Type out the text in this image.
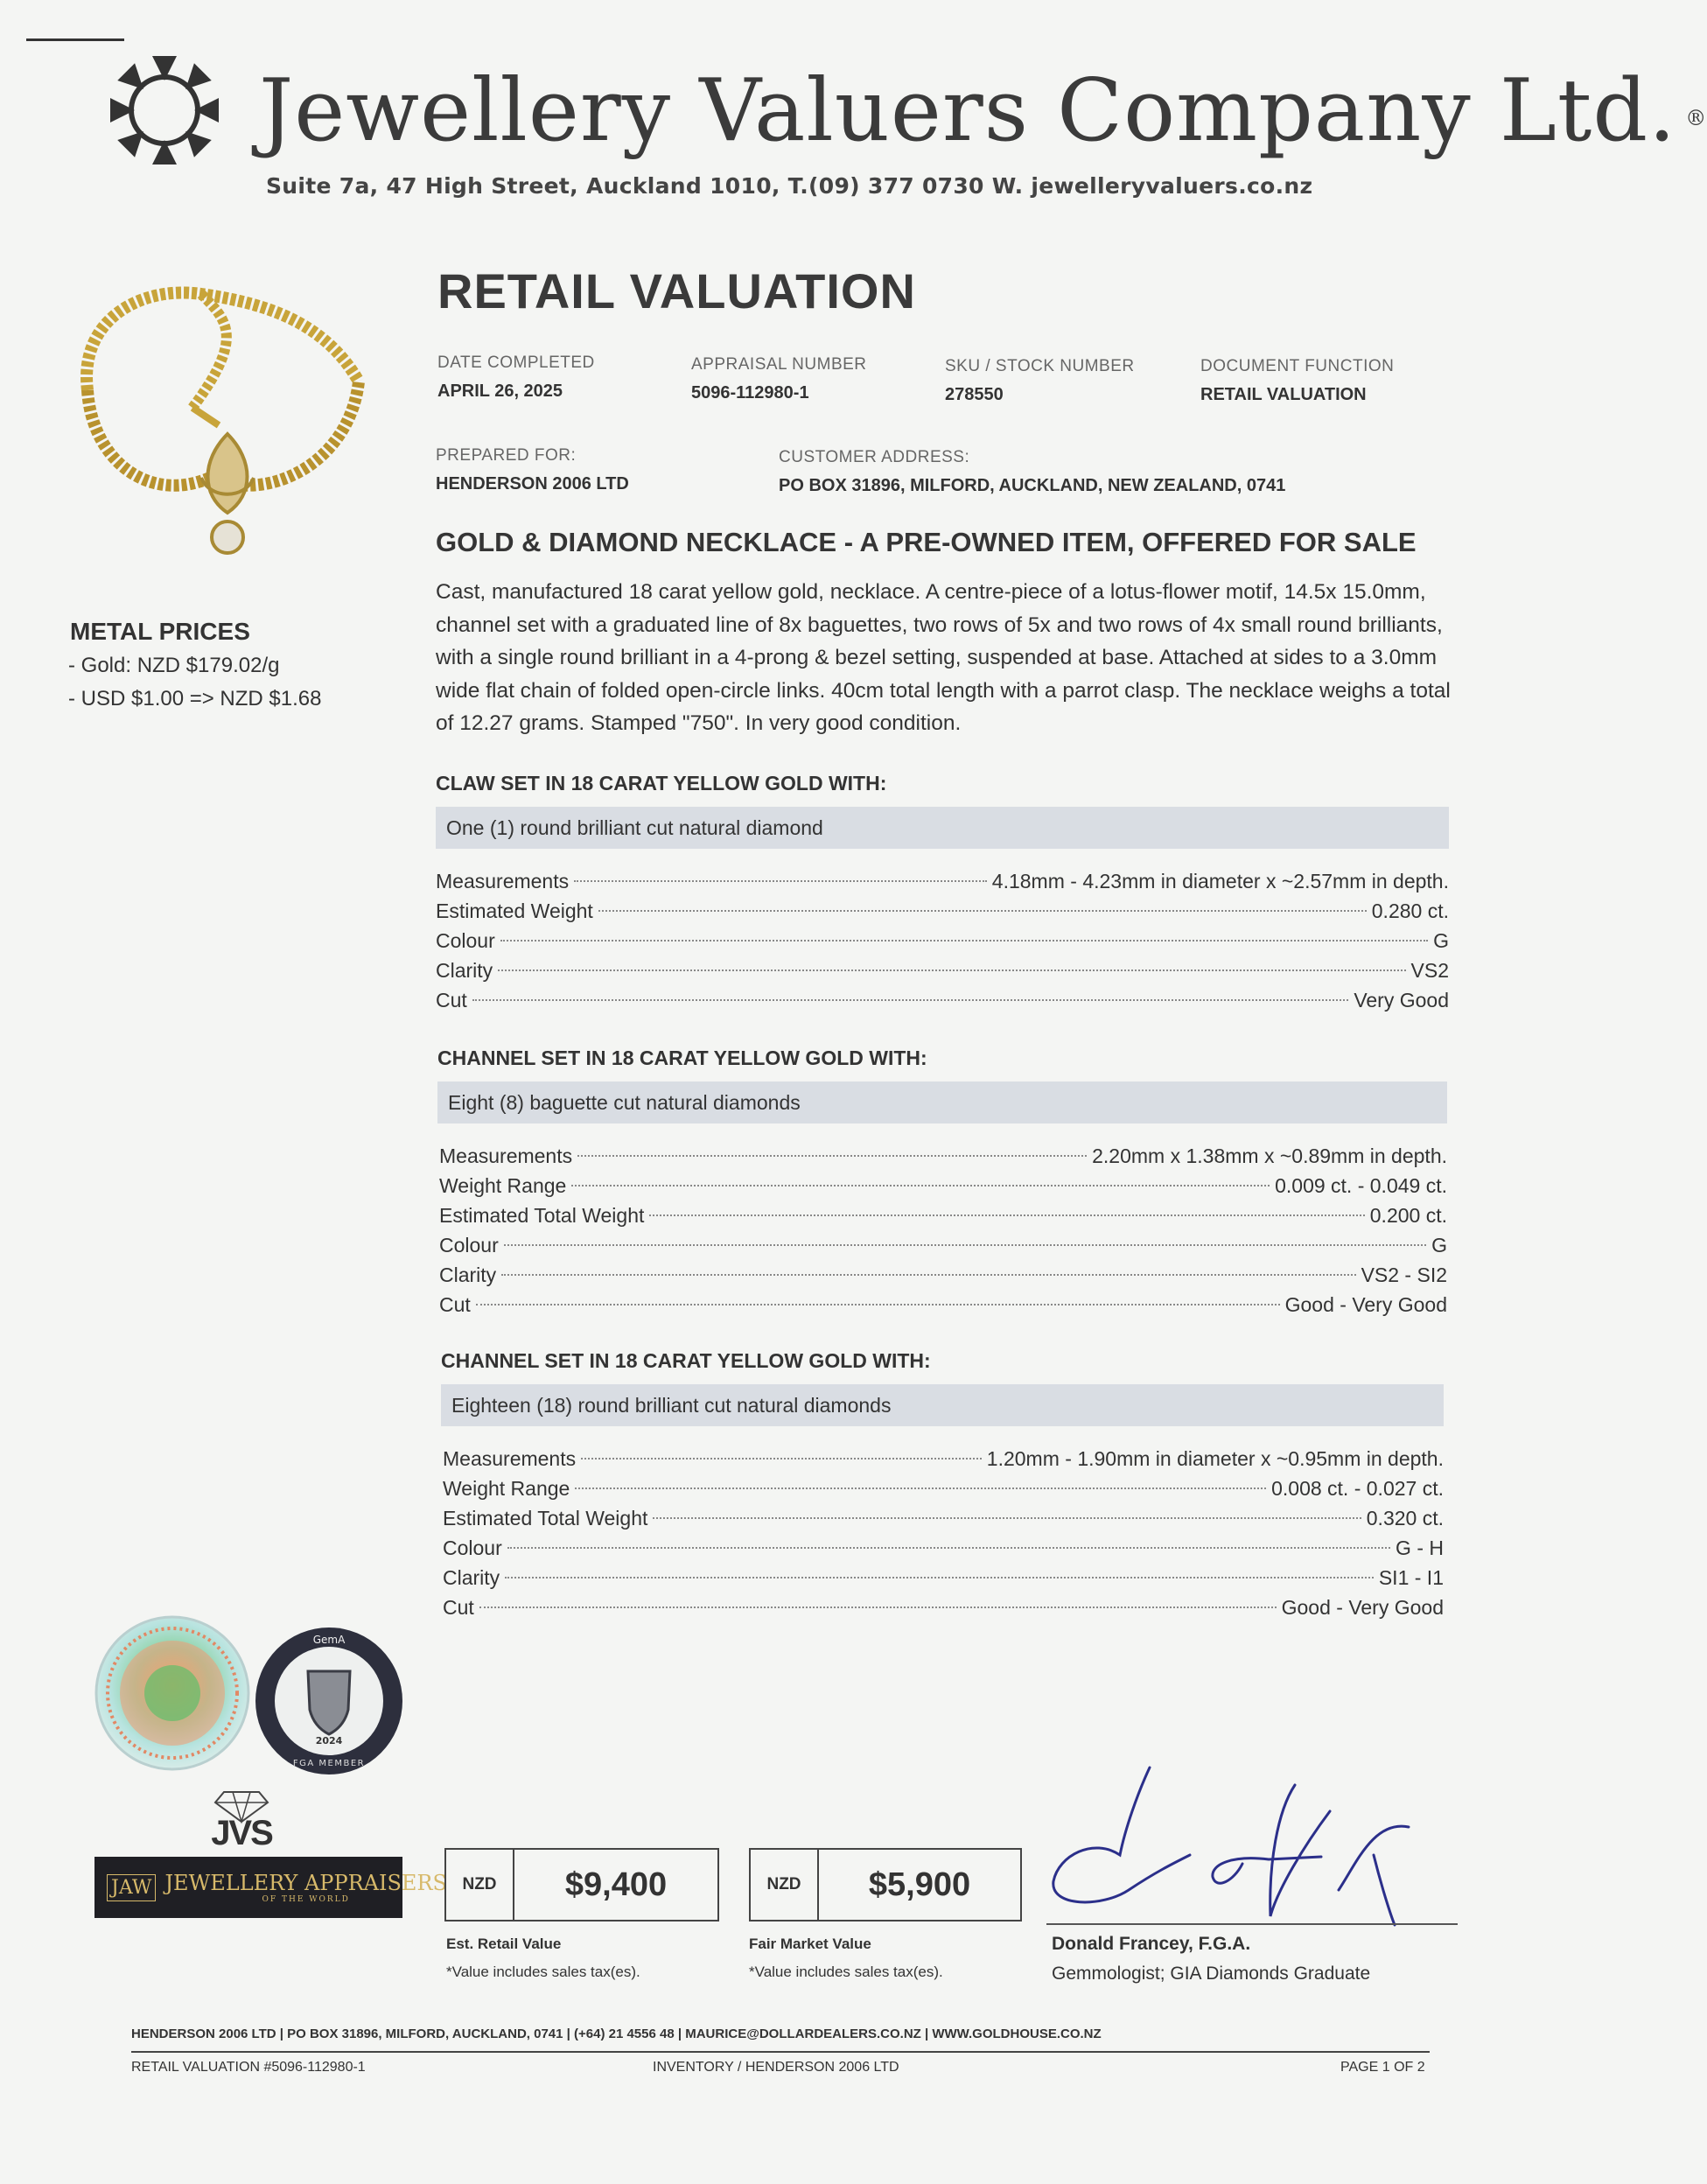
Jewellery Valuers Company Ltd. ®
Suite 7a, 47 High Street, Auckland 1010, T.(09) 377 0730 W. jewelleryvaluers.co.nz
METAL PRICES
- Gold: NZD $179.02/g
- USD $1.00 => NZD $1.68
RETAIL VALUATION
DATE COMPLETED
APRIL 26, 2025
APPRAISAL NUMBER
5096-112980-1
SKU / STOCK NUMBER
278550
DOCUMENT FUNCTION
RETAIL VALUATION
PREPARED FOR:
HENDERSON 2006 LTD
CUSTOMER ADDRESS:
PO BOX 31896, MILFORD, AUCKLAND, NEW ZEALAND, 0741
GOLD & DIAMOND NECKLACE - A PRE-OWNED ITEM, OFFERED FOR SALE
Cast, manufactured 18 carat yellow gold, necklace. A centre-piece of a lotus-flower motif, 14.5x 15.0mm,
channel set with a graduated line of 8x baguettes, two rows of 5x and two rows of 4x small round brilliants,
with a single round brilliant in a 4-prong & bezel setting, suspended at base. Attached at sides to a 3.0mm
wide flat chain of folded open-circle links. 40cm total length with a parrot clasp. The necklace weighs a total
of 12.27 grams. Stamped "750". In very good condition.
CLAW SET IN 18 CARAT YELLOW GOLD WITH:
One (1) round brilliant cut natural diamond
Measurements	4.18mm - 4.23mm in diameter x ~2.57mm in depth.
Estimated Weight	0.280 ct.
Colour	G
Clarity	VS2
Cut	Very Good
CHANNEL SET IN 18 CARAT YELLOW GOLD WITH:
Eight (8) baguette cut natural diamonds
Measurements	2.20mm x 1.38mm x ~0.89mm in depth.
Weight Range	0.009 ct. - 0.049 ct.
Estimated Total Weight	0.200 ct.
Colour	G
Clarity	VS2 - SI2
Cut	Good - Very Good
CHANNEL SET IN 18 CARAT YELLOW GOLD WITH:
Eighteen (18) round brilliant cut natural diamonds
Measurements	1.20mm - 1.90mm in diameter x ~0.95mm in depth.
Weight Range	0.008 ct. - 0.027 ct.
Estimated Total Weight	0.320 ct.
Colour	G - H
Clarity	SI1 - I1
Cut	Good - Very Good
GemA
2024
FGA MEMBER
JVS
JAW JEWELLERY APPRAISERS
OF THE WORLD
NZD	$9,400
Est. Retail Value
*Value includes sales tax(es).
NZD	$5,900
Fair Market Value
*Value includes sales tax(es).
Donald Francey, F.G.A.
Gemmologist; GIA Diamonds Graduate
HENDERSON 2006 LTD | PO BOX 31896, MILFORD, AUCKLAND, 0741 | (+64) 21 4556 48 | MAURICE@DOLLARDEALERS.CO.NZ | WWW.GOLDHOUSE.CO.NZ
RETAIL VALUATION #5096-112980-1	INVENTORY / HENDERSON 2006 LTD	PAGE 1 OF 2
